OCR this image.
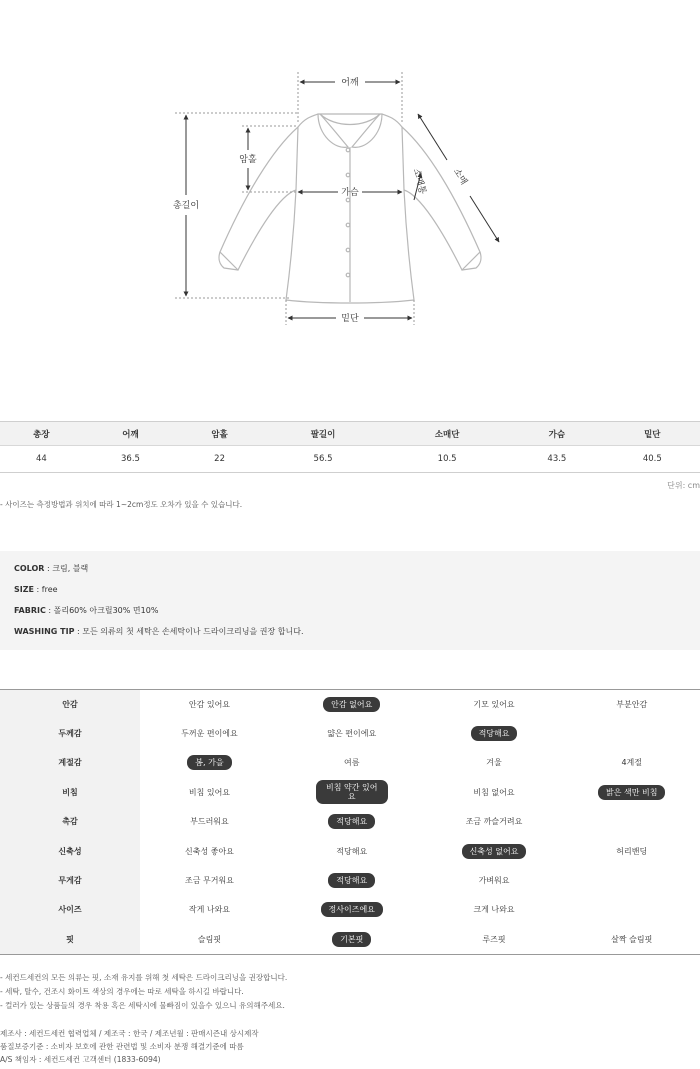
어깨
암홀
총길이
가슴
밑단
소매
소매통
총장	어깨	암홀	팔길이	소매단	가슴	밑단
44	36.5	22	56.5	10.5	43.5	40.5
단위: cm
- 사이즈는 측정방법과 위치에 따라 1~2cm정도 오차가 있을 수 있습니다.
COLOR : 크림, 블랙
SIZE : free
FABRIC : 폴리60% 아크릴30% 면10%
WASHING TIP : 모든 의류의 첫 세탁은 손세탁이나 드라이크리닝을 권장 합니다.
안감	안감 있어요	안감 없어요	기모 있어요	부분안감
두께감	두꺼운 편이에요	얇은 편이에요	적당해요	
계절감	봄, 가을	여름	겨울	4계절
비침	비침 있어요	비침 약간 있어요	비침 없어요	밝은 색만 비침
촉감	부드러워요	적당해요	조금 까슬거려요	
신축성	신축성 좋아요	적당해요	신축성 없어요	허리밴딩
무게감	조금 무거워요	적당해요	가벼워요	
사이즈	작게 나와요	정사이즈에요	크게 나와요	
핏	슬림핏	기본핏	루즈핏	살짝 슬림핏
- 세컨드세컨의 모든 의류는 핏, 소재 유지를 위해 첫 세탁은 드라이크리닝을 권장합니다.
- 세탁, 탈수, 건조시 화이트 색상의 경우에는 따로 세탁을 하시길 바랍니다.
- 컬러가 있는 상품들의 경우 착용 혹은 세탁시에 물빠짐이 있을수 있으니 유의해주세요.
제조사 : 세컨드세컨 협력업체 / 제조국 : 한국 / 제조년월 : 판매시즌내 상시제작
품질보증기준 : 소비자 보호에 관한 관련법 및 소비자 분쟁 해결기준에 따름
A/S 책임자 : 세컨드세컨 고객센터 (1833-6094)
